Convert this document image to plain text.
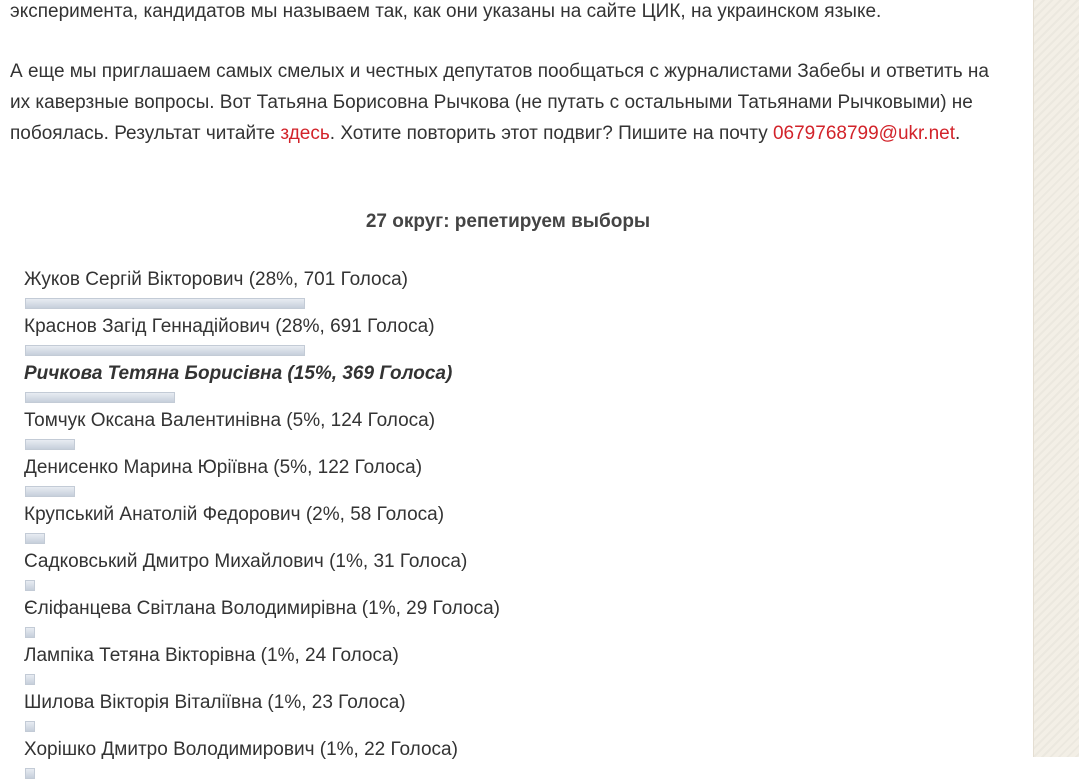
эксперимента, кандидатов мы называем так, как они указаны на сайте ЦИК, на украинском языке.

А еще мы приглашаем самых смелых и честных депутатов пообщаться с журналистами Забебы и ответить на их каверзные вопросы. Вот Татьяна Борисовна Рычкова (не путать с остальными Татьянами Рычковыми) не побоялась. Результат читайте здесь. Хотите повторить этот подвиг? Пишите на почту 0679768799@ukr.net.

27 округ: репетируем выборы
Жуков Сергій Вікторович (28%, 701 Голоса)
Краснов Загід Геннадійович (28%, 691 Голоса)
Ричкова Тетяна Борисівна (15%, 369 Голоса)
Томчук Оксана Валентинівна (5%, 124 Голоса)
Денисенко Марина Юріївна (5%, 122 Голоса)
Крупський Анатолій Федорович (2%, 58 Голоса)
Садковський Дмитро Михайлович (1%, 31 Голоса)
Єліфанцева Світлана Володимирівна (1%, 29 Голоса)
Лампіка Тетяна Вікторівна (1%, 24 Голоса)
Шилова Вікторія Віталіївна (1%, 23 Голоса)
Хорішко Дмитро Володимирович (1%, 22 Голоса)
